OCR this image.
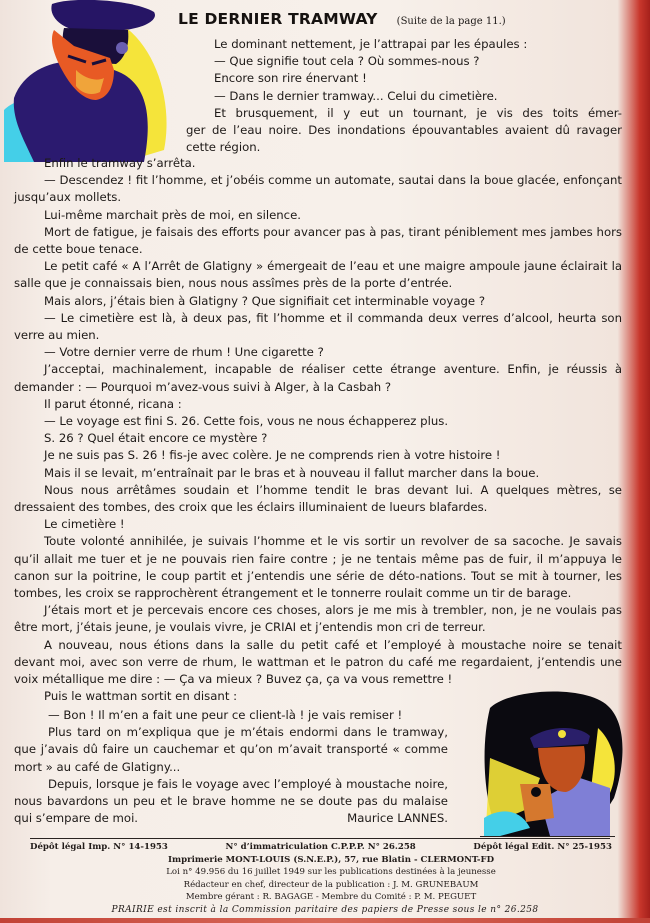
LE DERNIER TRAMWAY (Suite de la page 11.)

Le dominant nettement, je l’attrapai par les épaules :

— Que signifie tout cela ? Où sommes-nous ?

Encore son rire énervant !

— Dans le dernier tramway... Celui du cimetière.

Et brusquement, il y eut un tournant, je vis des toits émer-

ger de l’eau noire. Des inondations épouvantables avaient dû ravager cette région.

Enfin le tramway s’arrêta.

— Descendez ! fit l’homme, et j’obéis comme un automate, sautai dans la boue glacée, enfonçant jusqu’aux mollets.

Lui-même marchait près de moi, en silence.

Mort de fatigue, je faisais des efforts pour avancer pas à pas, tirant péniblement mes jambes hors de cette boue tenace.

Le petit café « A l’Arrêt de Glatigny » émergeait de l’eau et une maigre ampoule jaune éclairait la salle que je connaissais bien, nous nous assîmes près de la porte d’entrée.

Mais alors, j’étais bien à Glatigny ? Que signifiait cet interminable voyage ?

— Le cimetière est là, à deux pas, fit l’homme et il commanda deux verres d’alcool, heurta son verre au mien.

— Votre dernier verre de rhum ! Une cigarette ?

J’acceptai, machinalement, incapable de réaliser cette étrange aventure. Enfin, je réussis à demander : — Pourquoi m’avez-vous suivi à Alger, à la Casbah ?

Il parut étonné, ricana :

— Le voyage est fini S. 26. Cette fois, vous ne nous échapperez plus.

S. 26 ? Quel était encore ce mystère ?

Je ne suis pas S. 26 ! fis-je avec colère. Je ne comprends rien à votre histoire !

Mais il se levait, m’entraînait par le bras et à nouveau il fallut marcher dans la boue.

Nous nous arrêtâmes soudain et l’homme tendit le bras devant lui. A quelques mètres, se dressaient des tombes, des croix que les éclairs illuminaient de lueurs blafardes.

Le cimetière !

Toute volonté annihilée, je suivais l’homme et le vis sortir un revolver de sa sacoche. Je savais qu’il allait me tuer et je ne pouvais rien faire contre ; je ne tentais même pas de fuir, il m’appuya le canon sur la poitrine, le coup partit et j’entendis une série de déto-nations. Tout se mit à tourner, les tombes, les croix se rapprochèrent étrangement et le tonnerre roulait comme un tir de barage.

J’étais mort et je percevais encore ces choses, alors je me mis à trembler, non, je ne voulais pas être mort, j’étais jeune, je voulais vivre, je CRIAI et j’entendis mon cri de terreur.

A nouveau, nous étions dans la salle du petit café et l’employé à moustache noire se tenait devant moi, avec son verre de rhum, le wattman et le patron du café me regardaient, j’entendis une voix métallique me dire : — Ça va mieux ? Buvez ça, ça va vous remettre !

Puis le wattman sortit en disant :

— Bon ! Il m’en a fait une peur ce client-là ! je vais remiser !

Plus tard on m’expliqua que je m’étais endormi dans le tramway, que j’avais dû faire un cauchemar et qu’on m’avait transporté « comme mort » au café de Glatigny...

Depuis, lorsque je fais le voyage avec l’employé à moustache noire, nous bavardons un peu et le brave homme ne se doute pas du malaise qui s’empare de moi.	Maurice LANNES.
Dépôt légal Imp. N° 14-1953	N° d’immatriculation C.P.P.P. N° 26.258	Dépôt légal Edit. N° 25-1953
Imprimerie MONT-LOUIS (S.N.E.P.), 57, rue Blatin - CLERMONT-FD
Loi n° 49.956 du 16 juillet 1949 sur les publications destinées à la jeunesse
Rédacteur en chef, directeur de la publication : J. M. GRUNEBAUM
Membre gérant : R. BAGAGE - Membre du Comité : P. M. PEGUET
PRAIRIE est inscrit à la Commission paritaire des papiers de Presse sous le n° 26.258
